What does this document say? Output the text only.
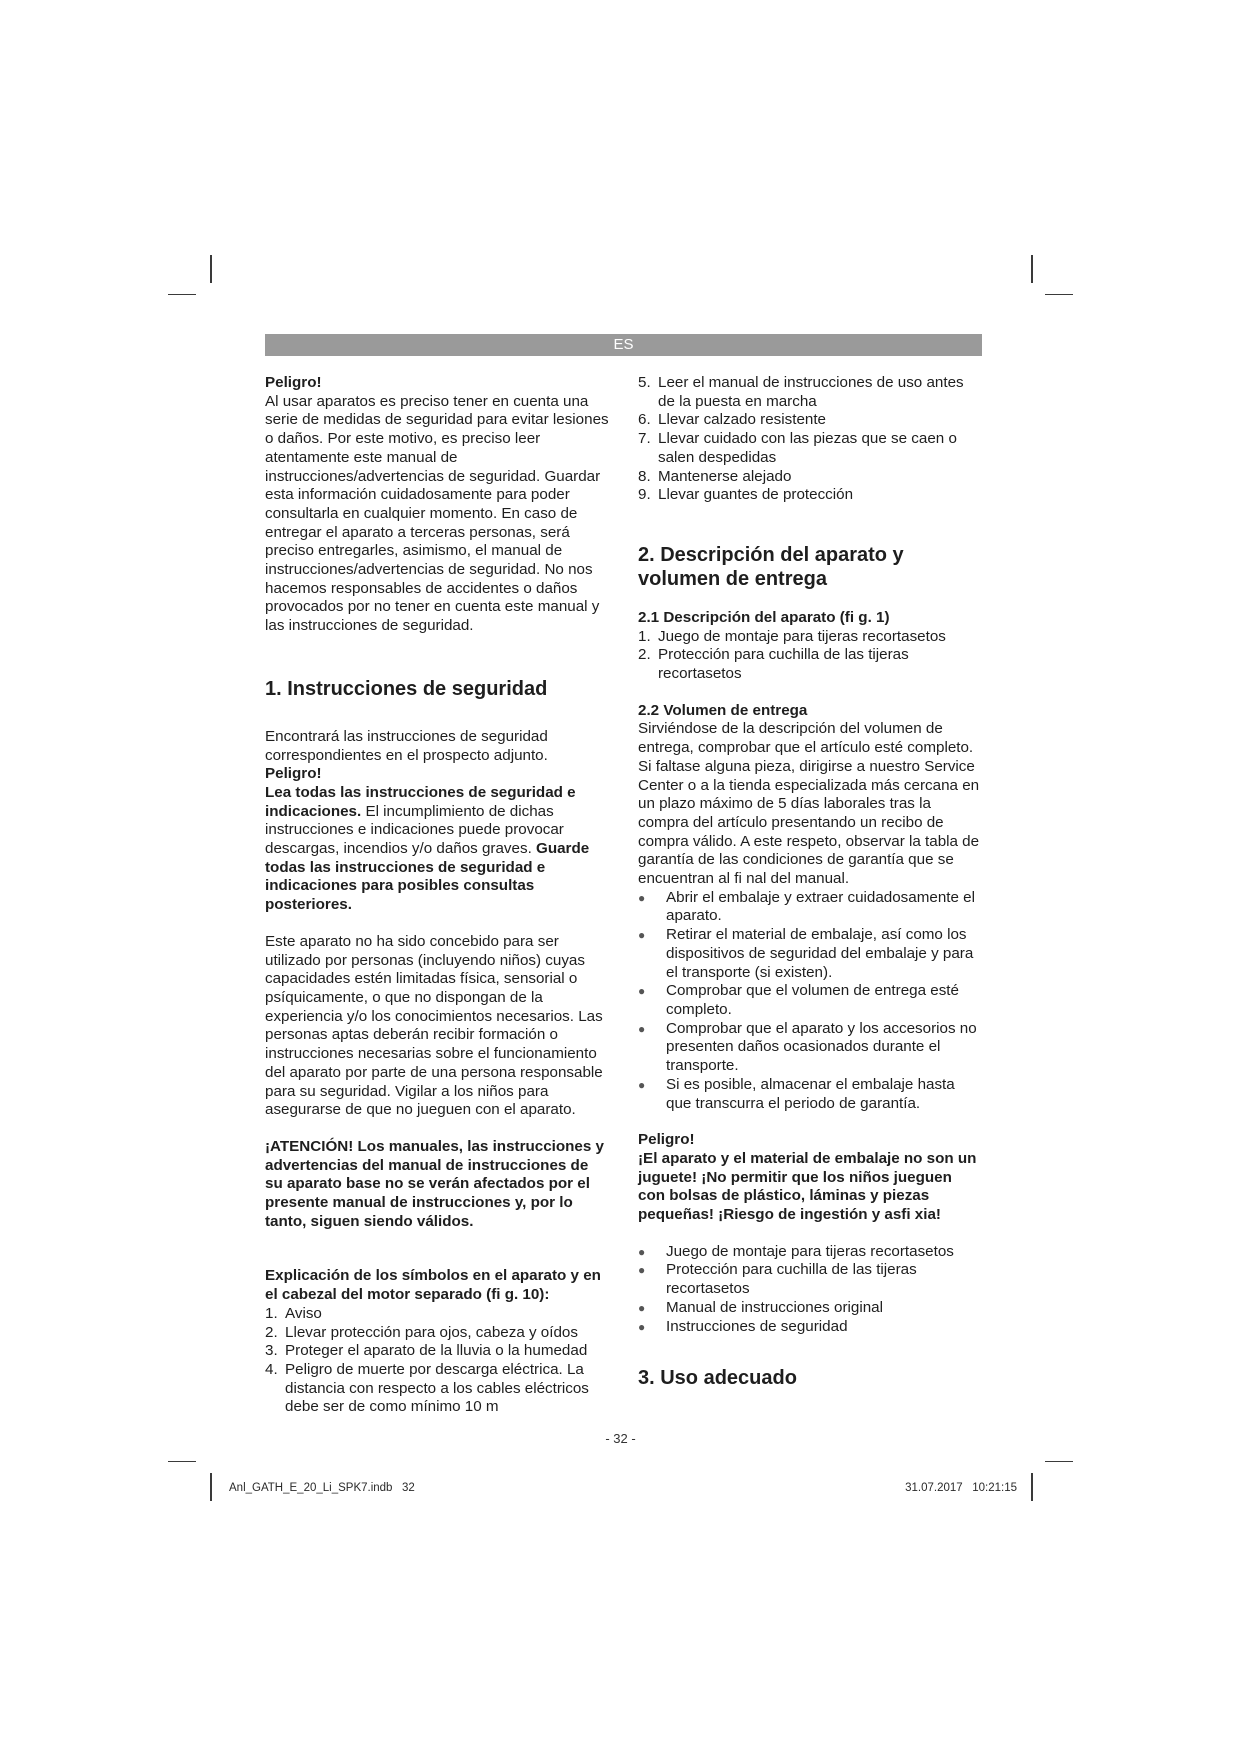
ES

Peligro!

Al usar aparatos es preciso tener en cuenta una serie de medidas de seguridad para evitar lesiones o daños. Por este motivo, es preciso leer atentamente este manual de instrucciones/advertencias de seguridad. Guardar esta información cuidadosamente para poder consultarla en cualquier momento. En caso de entregar el aparato a terceras personas, será preciso entregarles, asimismo, el manual de instrucciones/advertencias de seguridad. No nos hacemos responsables de accidentes o daños provocados por no tener en cuenta este manual y las instrucciones de seguridad.

1. Instrucciones de seguridad

Encontrará las instrucciones de seguridad correspondientes en el prospecto adjunto.

Peligro!

Lea todas las instrucciones de seguridad e indicaciones. El incumplimiento de dichas instrucciones e indicaciones puede provocar descargas, incendios y/o daños graves. Guarde todas las instrucciones de seguridad e indicaciones para posibles consultas posteriores.

Este aparato no ha sido concebido para ser utilizado por personas (incluyendo niños) cuyas capacidades estén limitadas física, sensorial o psíquicamente, o que no dispongan de la experiencia y/o los conocimientos necesarios. Las personas aptas deberán recibir formación o instrucciones necesarias sobre el funcionamiento del aparato por parte de una persona responsable para su seguridad. Vigilar a los niños para asegurarse de que no jueguen con el aparato.

¡ATENCIÓN! Los manuales, las instrucciones y advertencias del manual de instrucciones de su aparato base no se verán afectados por el presente manual de instrucciones y, por lo tanto, siguen siendo válidos.

Explicación de los símbolos en el aparato y en el cabezal del motor separado (fi g. 10):

1. Aviso
2. Llevar protección para ojos, cabeza y oídos
3. Proteger el aparato de la lluvia o la humedad
4. Peligro de muerte por descarga eléctrica. La distancia con respecto a los cables eléctricos debe ser de como mínimo 10 m
5. Leer el manual de instrucciones de uso antes de la puesta en marcha
6. Llevar calzado resistente
7. Llevar cuidado con las piezas que se caen o salen despedidas
8. Mantenerse alejado
9. Llevar guantes de protección

2. Descripción del aparato y volumen de entrega

2.1 Descripción del aparato (fi g. 1)

1. Juego de montaje para tijeras recortasetos
2. Protección para cuchilla de las tijeras recortasetos

2.2 Volumen de entrega

Sirviéndose de la descripción del volumen de entrega, comprobar que el artículo esté completo. Si faltase alguna pieza, dirigirse a nuestro Service Center o a la tienda especializada más cercana en un plazo máximo de 5 días laborales tras la compra del artículo presentando un recibo de compra válido. A este respeto, observar la tabla de garantía de las condiciones de garantía que se encuentran al fi nal del manual.

●	Abrir el embalaje y extraer cuidadosamente el aparato.
●	Retirar el material de embalaje, así como los dispositivos de seguridad del embalaje y para el transporte (si existen).
●	Comprobar que el volumen de entrega esté completo.
●	Comprobar que el aparato y los accesorios no presenten daños ocasionados durante el transporte.
●	Si es posible, almacenar el embalaje hasta que transcurra el periodo de garantía.

Peligro!

¡El aparato y el material de embalaje no son un juguete! ¡No permitir que los niños jueguen con bolsas de plástico, láminas y piezas pequeñas! ¡Riesgo de ingestión y asfi xia!

●	Juego de montaje para tijeras recortasetos
●	Protección para cuchilla de las tijeras recortasetos
●	Manual de instrucciones original
●	Instrucciones de seguridad

3. Uso adecuado

- 32 -
Anl_GATH_E_20_Li_SPK7.indb   32	31.07.2017   10:21:15
